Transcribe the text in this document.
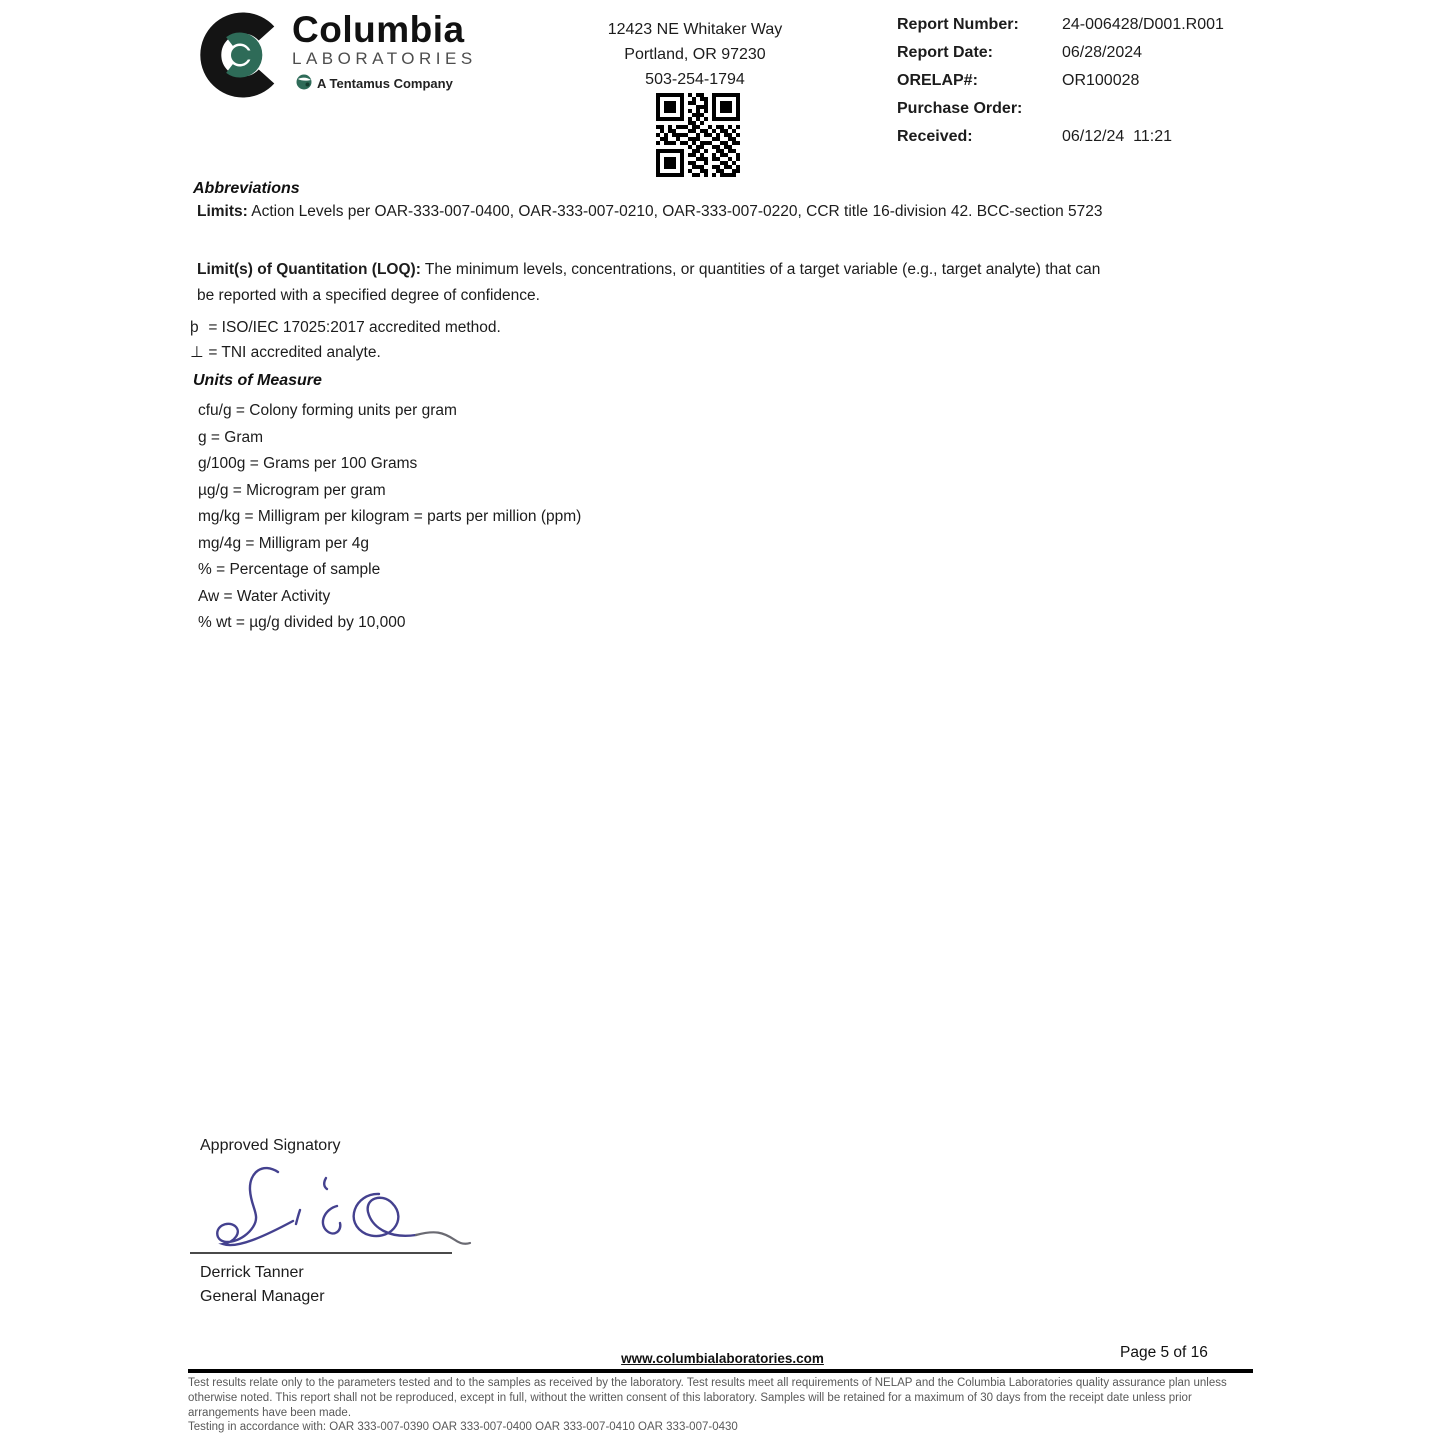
Columbia
LABORATORIES
A Tentamus Company
12423 NE Whitaker Way
Portland, OR 97230
503-254-1794
Report Number:	24-006428/D001.R001
Report Date:	06/28/2024
ORELAP#:	OR100028
Purchase Order:
Received:	06/12/24  11:21
Abbreviations
Limits: Action Levels per OAR-333-007-0400, OAR-333-007-0210, OAR-333-007-0220, CCR title 16-division 42. BCC-section 5723
Limit(s) of Quantitation (LOQ): The minimum levels, concentrations, or quantities of a target variable (e.g., target analyte) that can be reported with a specified degree of confidence.
þ = ISO/IEC 17025:2017 accredited method.
⊥ = TNI accredited analyte.
Units of Measure
cfu/g = Colony forming units per gram
g = Gram
g/100g = Grams per 100 Grams
µg/g = Microgram per gram
mg/kg = Milligram per kilogram = parts per million (ppm)
mg/4g = Milligram per 4g
% = Percentage of sample
Aw = Water Activity
% wt = µg/g divided by 10,000
Approved Signatory
Derrick Tanner
General Manager
Page 5 of 16
www.columbialaboratories.com
Test results relate only to the parameters tested and to the samples as received by the laboratory. Test results meet all requirements of NELAP and the Columbia Laboratories quality assurance plan unless otherwise noted. This report shall not be reproduced, except in full, without the written consent of this laboratory. Samples will be retained for a maximum of 30 days from the receipt date unless prior arrangements have been made.
Testing in accordance with: OAR 333-007-0390 OAR 333-007-0400 OAR 333-007-0410 OAR 333-007-0430
